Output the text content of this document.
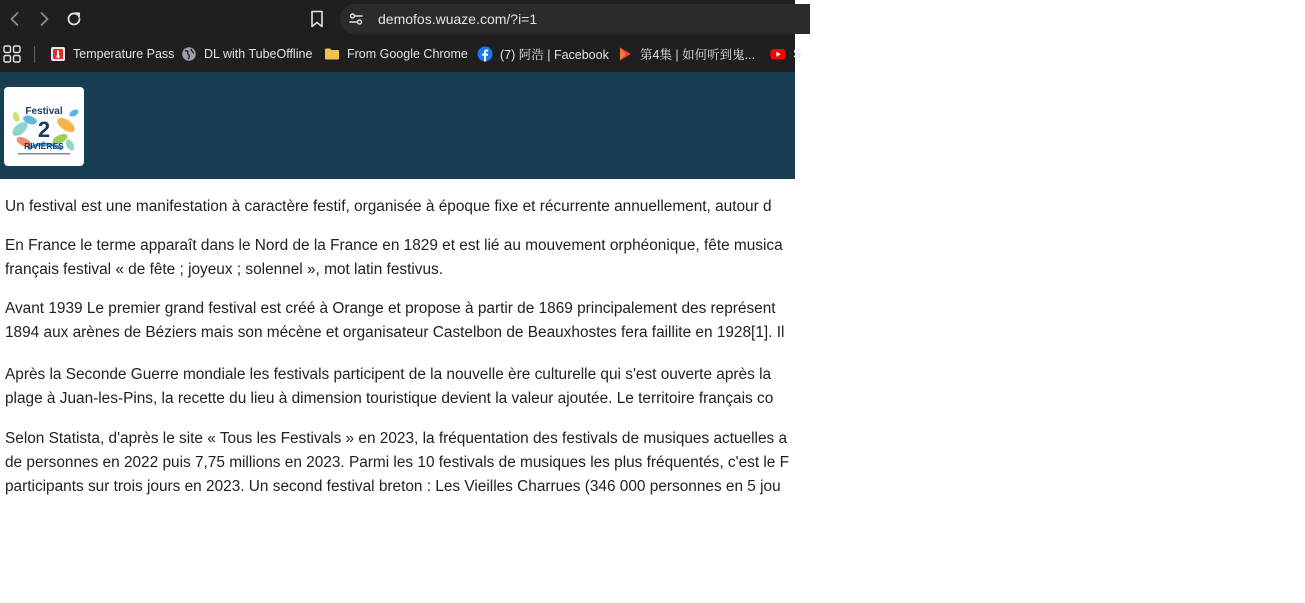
demofos.wuaze.com/?i=1
Temperature Pass DL with TubeOffline	From Google Chrome	(7) 阿浩 | Facebook 第4集 | 如何听到鬼...	S
Festival
2
RIVIÈRES

Un festival est une manifestation à caractère festif, organisée à époque fixe et récurrente annuellement, autour d

En France le terme apparaît dans le Nord de la France en 1829 et est lié au mouvement orphéonique, fête musica

français festival « de fête ; joyeux ; solennel », mot latin festivus.

Avant 1939 Le premier grand festival est créé à Orange et propose à partir de 1869 principalement des représent

1894 aux arènes de Béziers mais son mécène et organisateur Castelbon de Beauxhostes fera faillite en 1928[1]. Il

Après la Seconde Guerre mondiale les festivals participent de la nouvelle ère culturelle qui s'est ouverte après la

plage à Juan-les-Pins, la recette du lieu à dimension touristique devient la valeur ajoutée. Le territoire français co

Selon Statista, d'après le site « Tous les Festivals » en 2023, la fréquentation des festivals de musiques actuelles a

de personnes en 2022 puis 7,75 millions en 2023. Parmi les 10 festivals de musiques les plus fréquentés, c'est le F

participants sur trois jours en 2023. Un second festival breton : Les Vieilles Charrues (346 000 personnes en 5 jou
